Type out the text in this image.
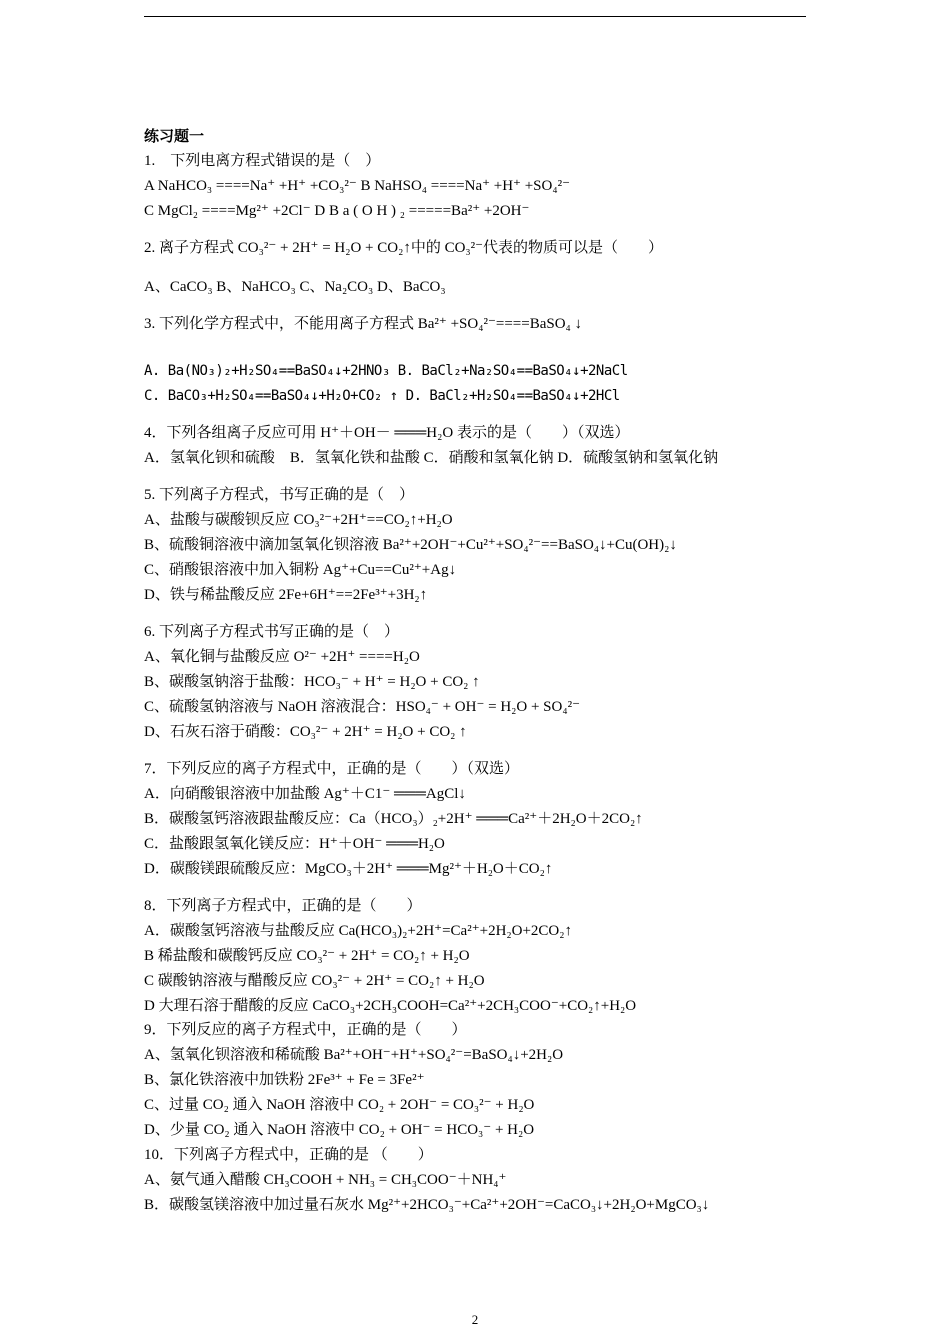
练习题一
1.　下列电离方程式错误的是（　）
A NaHCO₃ ====Na⁺ +H⁺ +CO₃²⁻ B NaHSO₄ ====Na⁺ +H⁺ +SO₄²⁻
C MgCl₂ ====Mg²⁺ +2Cl⁻ D B a ( O H ) ₂ =====Ba²⁺ +2OH⁻
2. 离子方程式 CO₃²⁻ + 2H⁺ = H₂O + CO₂↑中的 CO₃²⁻代表的物质可以是（　　）
A、CaCO₃ B、NaHCO₃ C、Na₂CO₃ D、BaCO₃
3. 下列化学方程式中，不能用离子方程式 Ba²⁺ +SO₄²⁻====BaSO₄ ↓
A. Ba(NO₃)₂+H₂SO₄==BaSO₄↓+2HNO₃ B. BaCl₂+Na₂SO₄==BaSO₄↓+2NaCl
C. BaCO₃+H₂SO₄==BaSO₄↓+H₂O+CO₂ ↑ D. BaCl₂+H₂SO₄==BaSO₄↓+2HCl
4．下列各组离子反应可用 H⁺＋OH－ ═══H₂O 表示的是（　　）（双选）
A．氢氧化钡和硫酸　B．氢氧化铁和盐酸 C．硝酸和氢氧化钠 D．硫酸氢钠和氢氧化钠
5. 下列离子方程式，书写正确的是（　）
A、盐酸与碳酸钡反应 CO₃²⁻+2H⁺==CO₂↑+H₂O
B、硫酸铜溶液中滴加氢氧化钡溶液 Ba²⁺+2OH⁻+Cu²⁺+SO₄²⁻==BaSO₄↓+Cu(OH)₂↓
C、硝酸银溶液中加入铜粉 Ag⁺+Cu==Cu²⁺+Ag↓
D、铁与稀盐酸反应 2Fe+6H⁺==2Fe³⁺+3H₂↑
6. 下列离子方程式书写正确的是（　）
A、氧化铜与盐酸反应 O²⁻ +2H⁺ ====H₂O
B、碳酸氢钠溶于盐酸：HCO₃⁻ + H⁺ = H₂O + CO₂ ↑
C、硫酸氢钠溶液与 NaOH 溶液混合：HSO₄⁻ + OH⁻ = H₂O + SO₄²⁻
D、石灰石溶于硝酸：CO₃²⁻ + 2H⁺ = H₂O + CO₂ ↑
7．下列反应的离子方程式中，正确的是（　　）（双选）
A．向硝酸银溶液中加盐酸 Ag⁺＋C1⁻ ═══AgCl↓
B．碳酸氢钙溶液跟盐酸反应：Ca（HCO₃）₂+2H⁺ ═══Ca²⁺＋2H₂O＋2CO₂↑
C．盐酸跟氢氧化镁反应：H⁺＋OH⁻ ═══H₂O
D．碳酸镁跟硫酸反应：MgCO₃＋2H⁺ ═══Mg²⁺＋H₂O＋CO₂↑
8．下列离子方程式中，正确的是（　　）
A．碳酸氢钙溶液与盐酸反应 Ca(HCO₃)₂+2H⁺=Ca²⁺+2H₂O+2CO₂↑
B 稀盐酸和碳酸钙反应 CO₃²⁻ + 2H⁺ = CO₂↑ + H₂O
C 碳酸钠溶液与醋酸反应 CO₃²⁻ + 2H⁺ = CO₂↑ + H₂O
D 大理石溶于醋酸的反应 CaCO₃+2CH₃COOH=Ca²⁺+2CH₃COO⁻+CO₂↑+H₂O
9．下列反应的离子方程式中，正确的是（　　）
A、氢氧化钡溶液和稀硫酸 Ba²⁺+OH⁻+H⁺+SO₄²⁻=BaSO₄↓+2H₂O
B、氯化铁溶液中加铁粉 2Fe³⁺ + Fe = 3Fe²⁺
C、过量 CO₂ 通入 NaOH 溶液中 CO₂ + 2OH⁻ = CO₃²⁻ + H₂O
D、少量 CO₂ 通入 NaOH 溶液中 CO₂ + OH⁻ = HCO₃⁻ + H₂O
10．下列离子方程式中，正确的是 （　　）
A、氨气通入醋酸 CH₃COOH + NH₃ = CH₃COO⁻＋NH₄⁺
B．碳酸氢镁溶液中加过量石灰水 Mg²⁺+2HCO₃⁻+Ca²⁺+2OH⁻=CaCO₃↓+2H₂O+MgCO₃↓
2
